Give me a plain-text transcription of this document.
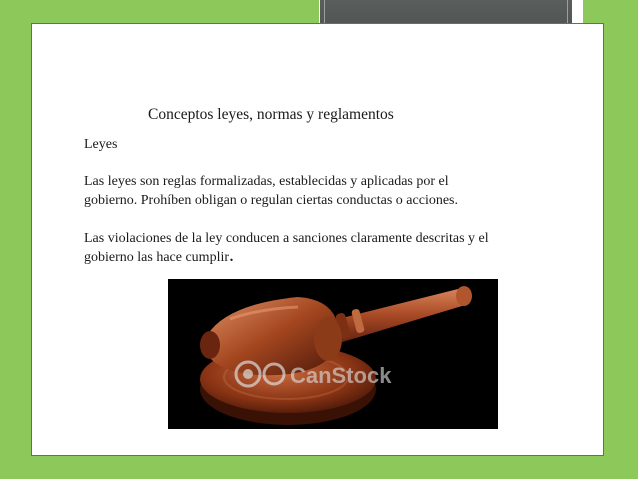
Conceptos leyes, normas y reglamentos
Leyes
Las leyes son reglas formalizadas, establecidas y aplicadas por el
gobierno. Prohíben obligan o regulan ciertas conductas o acciones.
Las violaciones de la ley conducen a sanciones claramente descritas y el
gobierno las hace cumplir.
CanStock
